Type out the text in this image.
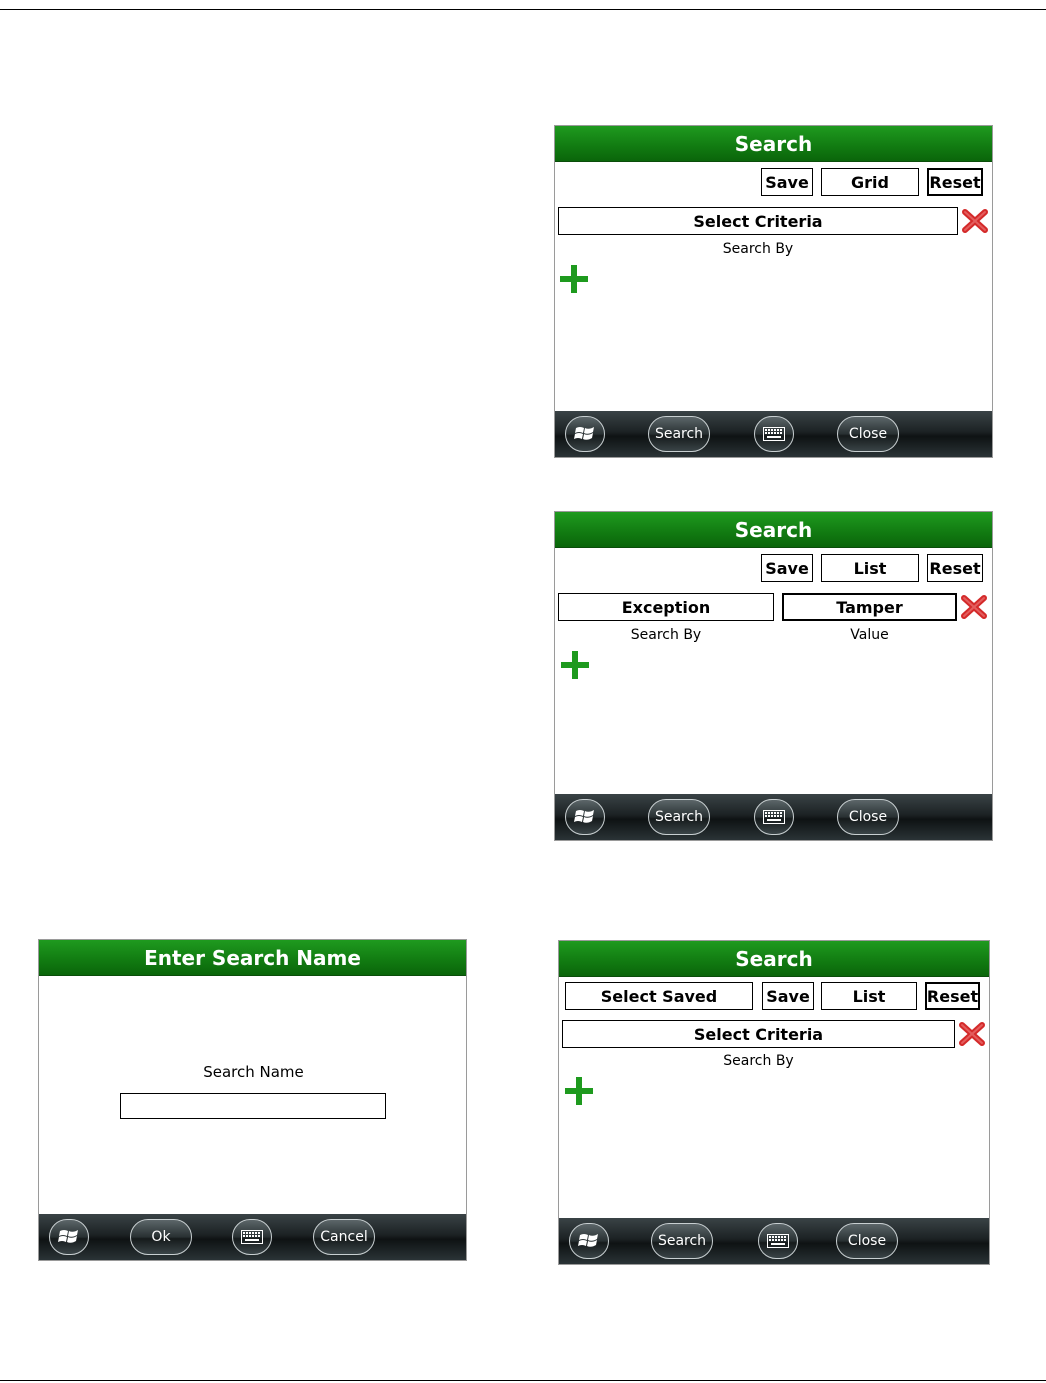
Search
Save	Grid	Reset
Select Criteria
Search By
Search	Close
Search
Save	List	Reset
Exception	Tamper
Search By	Value
Search	Close
Enter Search Name
Search Name
Ok	Cancel
Search
Select Saved	Save	List	Reset
Select Criteria
Search By
Search	Close
